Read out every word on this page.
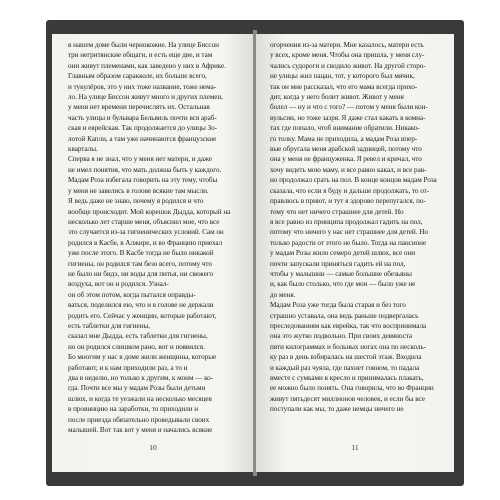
в нашем доме были чернокожие. На улице Биссон
три негритянские общаги, и есть еще две, и там
они живут племенами, как заведено у них в Африке.
Главным образом саракколе, их больше всего,
и тукулёров, это у них тоже название, тоже нема-
ло. На улице Биссон живут много и других племен,
у меня нет времени перечислять их. Остальная
часть улицы и бульвара Бельвиль почти вся араб-
ская и еврейская. Так продолжается до улицы Зо-
лотой Капли, а там уже начинаются французские
кварталы.
Сперва я не знал, что у меня нет матери, и даже
не имел понятия, что мать должна быть у каждого.
Мадам Роза избегала говорить на эту тему, чтобы
у меня не завелись в голове всякие там мысли.
Я ведь даже не знаю, почему я родился и что
вообще происходит. Мой корешок Дыдда, который на
несколько лет старше меня, объяснил мне, что все
это случается из-за гигиенических условий. Сам он
родился в Касбе, в Алжире, и во Францию приехал
уже после этого. В Касбе тогда не было никакой
гигиены, он родился там безо всего, потому что
не было ни бидэ, ни воды для питья, ни свежего
воздуха, вот он и родился. Узнал-
он об этом потом, когда пытался оправды-
ваться, поделился ею, что и в голове не держали
родить его. Сейчас у женщин, которые работают,
есть таблетки для гигиены,
сказал мне Дыдда, есть таблетки для гигиены,
но он родился слишком рано, вот и появился.
Бо многим у нас в доме жили женщины, которые
работают, и к нам приходили раз, а то и
два в неделю, но только к другим, к моим — ко-
гда. Почти все мы у мадам Розы были детьми
шлюх, и когда те уезжали на несколько месяцев
в провинцию на заработки, то приходили и
после приезда обязательно проведывали своих
малышей. Вот так вот у меня и начались всякие
10
огорчения из-за матери. Мне казалось, матери есть
у всех, кроме меня. Чтобы она пришла, у меня слу-
чались судороги и сводило живот. На другой сторо-
не улицы жил пацан, тот, у которого был мячик,
так он мне рассказал, что его мама всегда прихо-
дит, когда у него болит живот. Живот у меня
болел — ну и что с того? — потом у меня были кон-
вульсии, но тоже зазря. Я даже стал какать в комна-
тах где попало, чтоб внимание обратили. Никако-
го толку. Мама не приходила, а мадам Роза впер-
вые обругала меня арабской задницей, потому что
она у меня не француженка. Я ревел и кричал, что
хочу видеть мою маму, и все равно какал, и все рав-
но продолжал срать на пол. В конце концов мадам Роза
сказала, что если я буду и дальше продолжать, то от-
правлюсь в приют, и тут я здорово перепугался, по-
тому что нет ничего страшнее для детей. Но
я все равно из принципа продолжал гадить на пол,
потому что ничего у нас нет страшнее для детей. Но
только радости от этого не было. Тогда на пансионе
у мадам Розы жило семеро детей шлюх, все они
почти запускали приняться гадить ей на пол,
чтобы у малышни — самые большие обезьяны
и, как было столько, что где мои — было уже не
до меня.
Мадам Роза уже тогда была старая и без того
страшно уставала, она ведь раньше подвергалась
преследованиям как еврейка, так что воспринимала
она это жутко подвольно. При своих девяноста
пяти килограммах и больных ногах она по несколь-
ку раз в день взбиралась на шестой этаж. Входила
и каждый раз чуяла, где пахнет говном, то падала
вместе с сумками в кресло и принималась плакать,
ее можно было понять. Она говорила, что во Франции
живут пятьдесят миллионов человек, и если бы все
поступали как мы, то даже немцы ничего не
11
